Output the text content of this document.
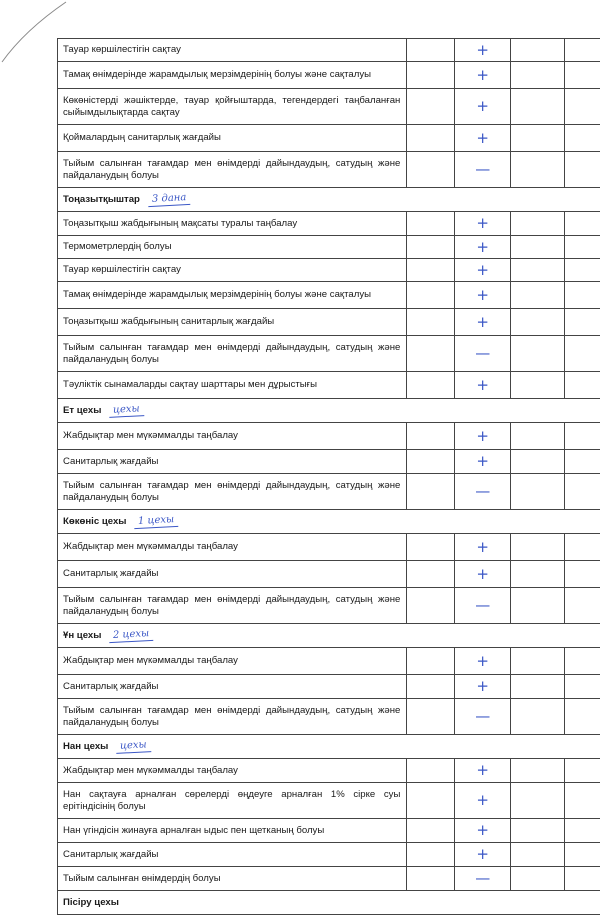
Тауар көршілестігін сақтау	+
Тамақ өнімдерінде жарамдылық мерзімдерінің болуы және сақталуы	+
Көкөністерді жәшіктерде, тауар қойғыштарда, тегендердегі таңбаланған сыйымдылықтарда сақтау	+
Қоймалардың санитарлық жағдайы	+
Тыйым салынған тағамдар мен өнімдерді дайындаудың, сатудың және пайдаланудың болуы	—
Тоңазытқыштар	3 дана
Тоңазытқыш жабдығының мақсаты туралы таңбалау	+
Термометрлердің болуы	+
Тауар көршілестігін сақтау	+
Тамақ өнімдерінде жарамдылық мерзімдерінің болуы және сақталуы	+
Тоңазытқыш жабдығының санитарлық жағдайы	+
Тыйым салынған тағамдар мен өнімдерді дайындаудың, сатудың және пайдаланудың болуы	—
Тәуліктік сынамаларды сақтау шарттары мен дұрыстығы	+
Ет цехы	цехы
Жабдықтар мен мүкәммалды таңбалау	+
Санитарлық жағдайы	+
Тыйым салынған тағамдар мен өнімдерді дайындаудың, сатудың және пайдаланудың болуы	—
Көкөніс цехы	1 цехы
Жабдықтар мен мүкәммалды таңбалау	+
Санитарлық жағдайы	+
Тыйым салынған тағамдар мен өнімдерді дайындаудың, сатудың және пайдаланудың болуы	—
Ұн цехы	2 цехы
Жабдықтар мен мүкәммалды таңбалау	+
Санитарлық жағдайы	+
Тыйым салынған тағамдар мен өнімдерді дайындаудың, сатудың және пайдаланудың болуы	—
Нан цехы	цехы
Жабдықтар мен мүкәммалды таңбалау	+
Нан сақтауға арналған сөрелерді өңдеуге арналған 1% сірке суы ерітіндісінің болуы	+
Нан үгіндісін жинауға арналған ыдыс пен щетканың болуы	+
Санитарлық жағдайы	+
Тыйым салынған өнімдердің болуы	—
Пісіру цехы
